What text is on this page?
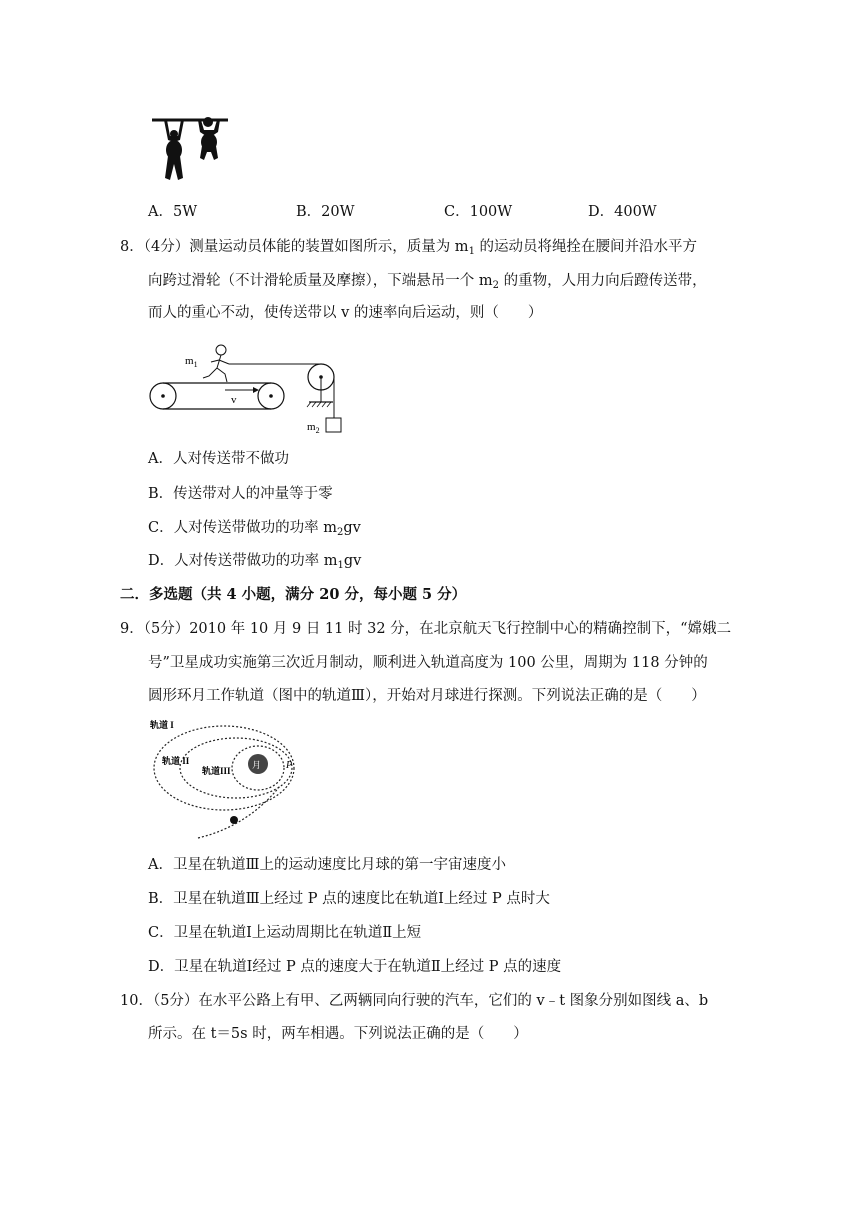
A．5W	B．20W	C．100W	D．400W
8．（4分）测量运动员体能的装置如图所示，质量为 $m_1$ 的运动员将绳拴在腰间并沿水平方
向跨过滑轮（不计滑轮质量及摩擦），下端悬吊一个 $m_2$ 的重物，人用力向后蹬传送带，
而人的重心不动，使传送带以 v 的速率向后运动，则（　　）
v
$m_1$
$m_2$
A．人对传送带不做功
B．传送带对人的冲量等于零
C．人对传送带做功的功率 $m_2gv$
D．人对传送带做功的功率 $m_1gv$
二．多选题（共 4 小题，满分 20 分，每小题 5 分）
9．（5分）2010 年 10 月 9 日 11 时 32 分，在北京航天飞行控制中心的精确控制下，“嫦娥二
号”卫星成功实施第三次近月制动，顺利进入轨道高度为 100 公里，周期为 118 分钟的
圆形环月工作轨道（图中的轨道Ⅲ），开始对月球进行探测。下列说法正确的是（　　）
月 P
轨道 I
轨道 II
轨道III
A．卫星在轨道Ⅲ上的运动速度比月球的第一宇宙速度小
B．卫星在轨道Ⅲ上经过 P 点的速度比在轨道Ⅰ上经过 P 点时大
C．卫星在轨道Ⅰ上运动周期比在轨道Ⅱ上短
D．卫星在轨道Ⅰ经过 P 点的速度大于在轨道Ⅱ上经过 P 点的速度
10．（5分）在水平公路上有甲、乙两辆同向行驶的汽车，它们的 v﹣t 图象分别如图线 a、b
所示。在 t＝5s 时，两车相遇。下列说法正确的是（　　）
